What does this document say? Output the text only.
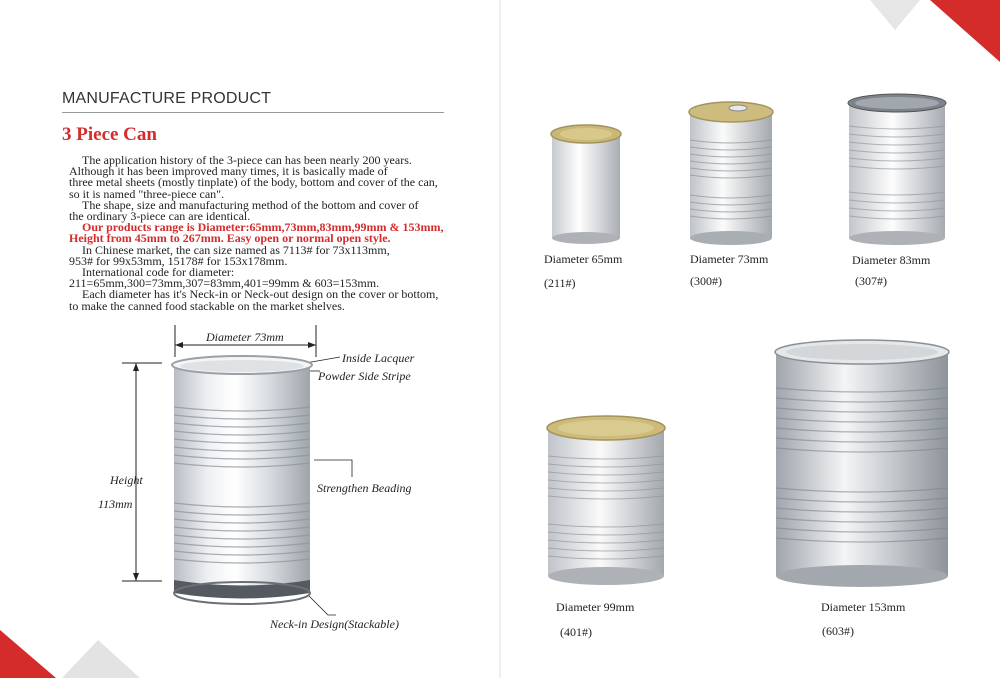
MANUFACTURE PRODUCT
3 Piece Can

The application history of the 3-piece can has been nearly 200 years.

Although it has been improved many times, it is basically made of

three metal sheets (mostly tinplate) of the body, bottom and cover of the can,

so it is named "three-piece can".

The shape, size and manufacturing method of the bottom and cover of

the ordinary 3-piece can are identical.

Our products range is Diameter:65mm,73mm,83mm,99mm & 153mm,

Height from 45mm to 267mm. Easy open or normal open style.

In Chinese market, the can size named as 7113# for 73x113mm,

953# for 99x53mm, 15178# for 153x178mm.

International code for diameter:

211=65mm,300=73mm,307=83mm,401=99mm & 603=153mm.

Each diameter has it's Neck-in or Neck-out design on the cover or bottom,

to make the canned food stackable on the market shelves.

Diameter 73mm
Inside Lacquer
Powder Side Stripe
Height
113mm
Strengthen Beading
Neck-in Design(Stackable)
Diameter 65mm
(211#)
Diameter 73mm
(300#)
Diameter 83mm
(307#)
Diameter 99mm
(401#)
Diameter 153mm
(603#)
